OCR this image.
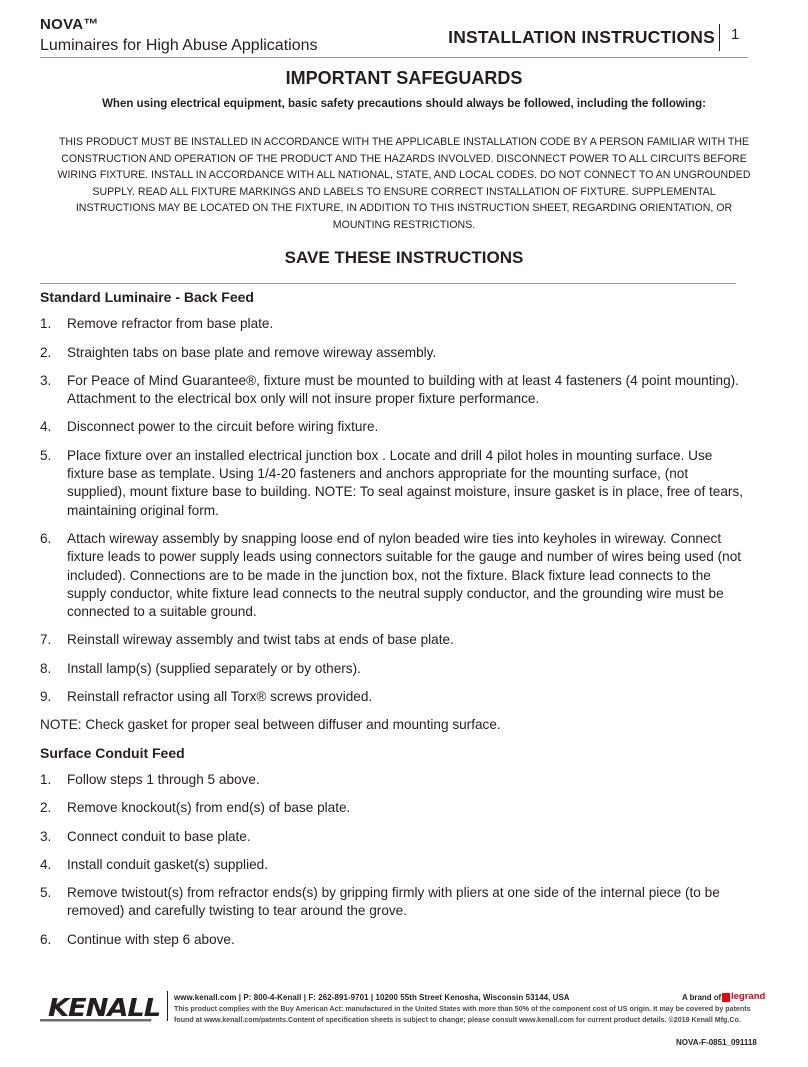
NOVA™
Luminaires for High Abuse Applications	INSTALLATION INSTRUCTIONS 1
IMPORTANT SAFEGUARDS
When using electrical equipment, basic safety precautions should always be followed, including the following:
THIS PRODUCT MUST BE INSTALLED IN ACCORDANCE WITH THE APPLICABLE INSTALLATION CODE BY A PERSON FAMILIAR WITH THE CONSTRUCTION AND OPERATION OF THE PRODUCT AND THE HAZARDS INVOLVED. DISCONNECT POWER TO ALL CIRCUITS BEFORE WIRING FIXTURE. INSTALL IN ACCORDANCE WITH ALL NATIONAL, STATE, AND LOCAL CODES. DO NOT CONNECT TO AN UNGROUNDED SUPPLY. READ ALL FIXTURE MARKINGS AND LABELS TO ENSURE CORRECT INSTALLATION OF FIXTURE. SUPPLEMENTAL INSTRUCTIONS MAY BE LOCATED ON THE FIXTURE, IN ADDITION TO THIS INSTRUCTION SHEET, REGARDING ORIENTATION, OR MOUNTING RESTRICTIONS.
SAVE THESE INSTRUCTIONS
Standard Luminaire - Back Feed
1. Remove refractor from base plate.
2. Straighten tabs on base plate and remove wireway assembly.
3. For Peace of Mind Guarantee®, fixture must be mounted to building with at least 4 fasteners (4 point mounting). Attachment to the electrical box only will not insure proper fixture performance.
4. Disconnect power to the circuit before wiring fixture.
5. Place fixture over an installed electrical junction box . Locate and drill 4 pilot holes in mounting surface. Use fixture base as template. Using 1/4-20 fasteners and anchors appropriate for the mounting surface, (not supplied), mount fixture base to building. NOTE: To seal against moisture, insure gasket is in place, free of tears, maintaining original form.
6. Attach wireway assembly by snapping loose end of nylon beaded wire ties into keyholes in wireway. Connect fixture leads to power supply leads using connectors suitable for the gauge and number of wires being used (not included). Connections are to be made in the junction box, not the fixture. Black fixture lead connects to the supply conductor, white fixture lead connects to the neutral supply conductor, and the grounding wire must be connected to a suitable ground.
7. Reinstall wireway assembly and twist tabs at ends of base plate.
8. Install lamp(s) (supplied separately or by others).
9. Reinstall refractor using all Torx® screws provided.

NOTE: Check gasket for proper seal between diffuser and mounting surface.

Surface Conduit Feed
1. Follow steps 1 through 5 above.
2. Remove knockout(s) from end(s) of base plate.
3. Connect conduit to base plate.
4. Install conduit gasket(s) supplied.
5. Remove twistout(s) from refractor ends(s) by gripping firmly with pliers at one side of the internal piece (to be removed) and carefully twisting to tear around the grove.
6. Continue with step 6 above.
KENALL www.kenall.com | P: 800-4-Kenall | F: 262-891-9701 | 10200 55th Street Kenosha, Wisconsin 53144, USA
This product complies with the Buy American Act: manufactured in the United States with more than 50% of the component cost of US origin. It may be covered by patents found at www.kenall.com/patents.Content of specification sheets is subject to change; please consult www.kenall.com for current product details. ©2019 Kenall Mfg.Co.
A brand of legrand
NOVA-F-0851_091118
